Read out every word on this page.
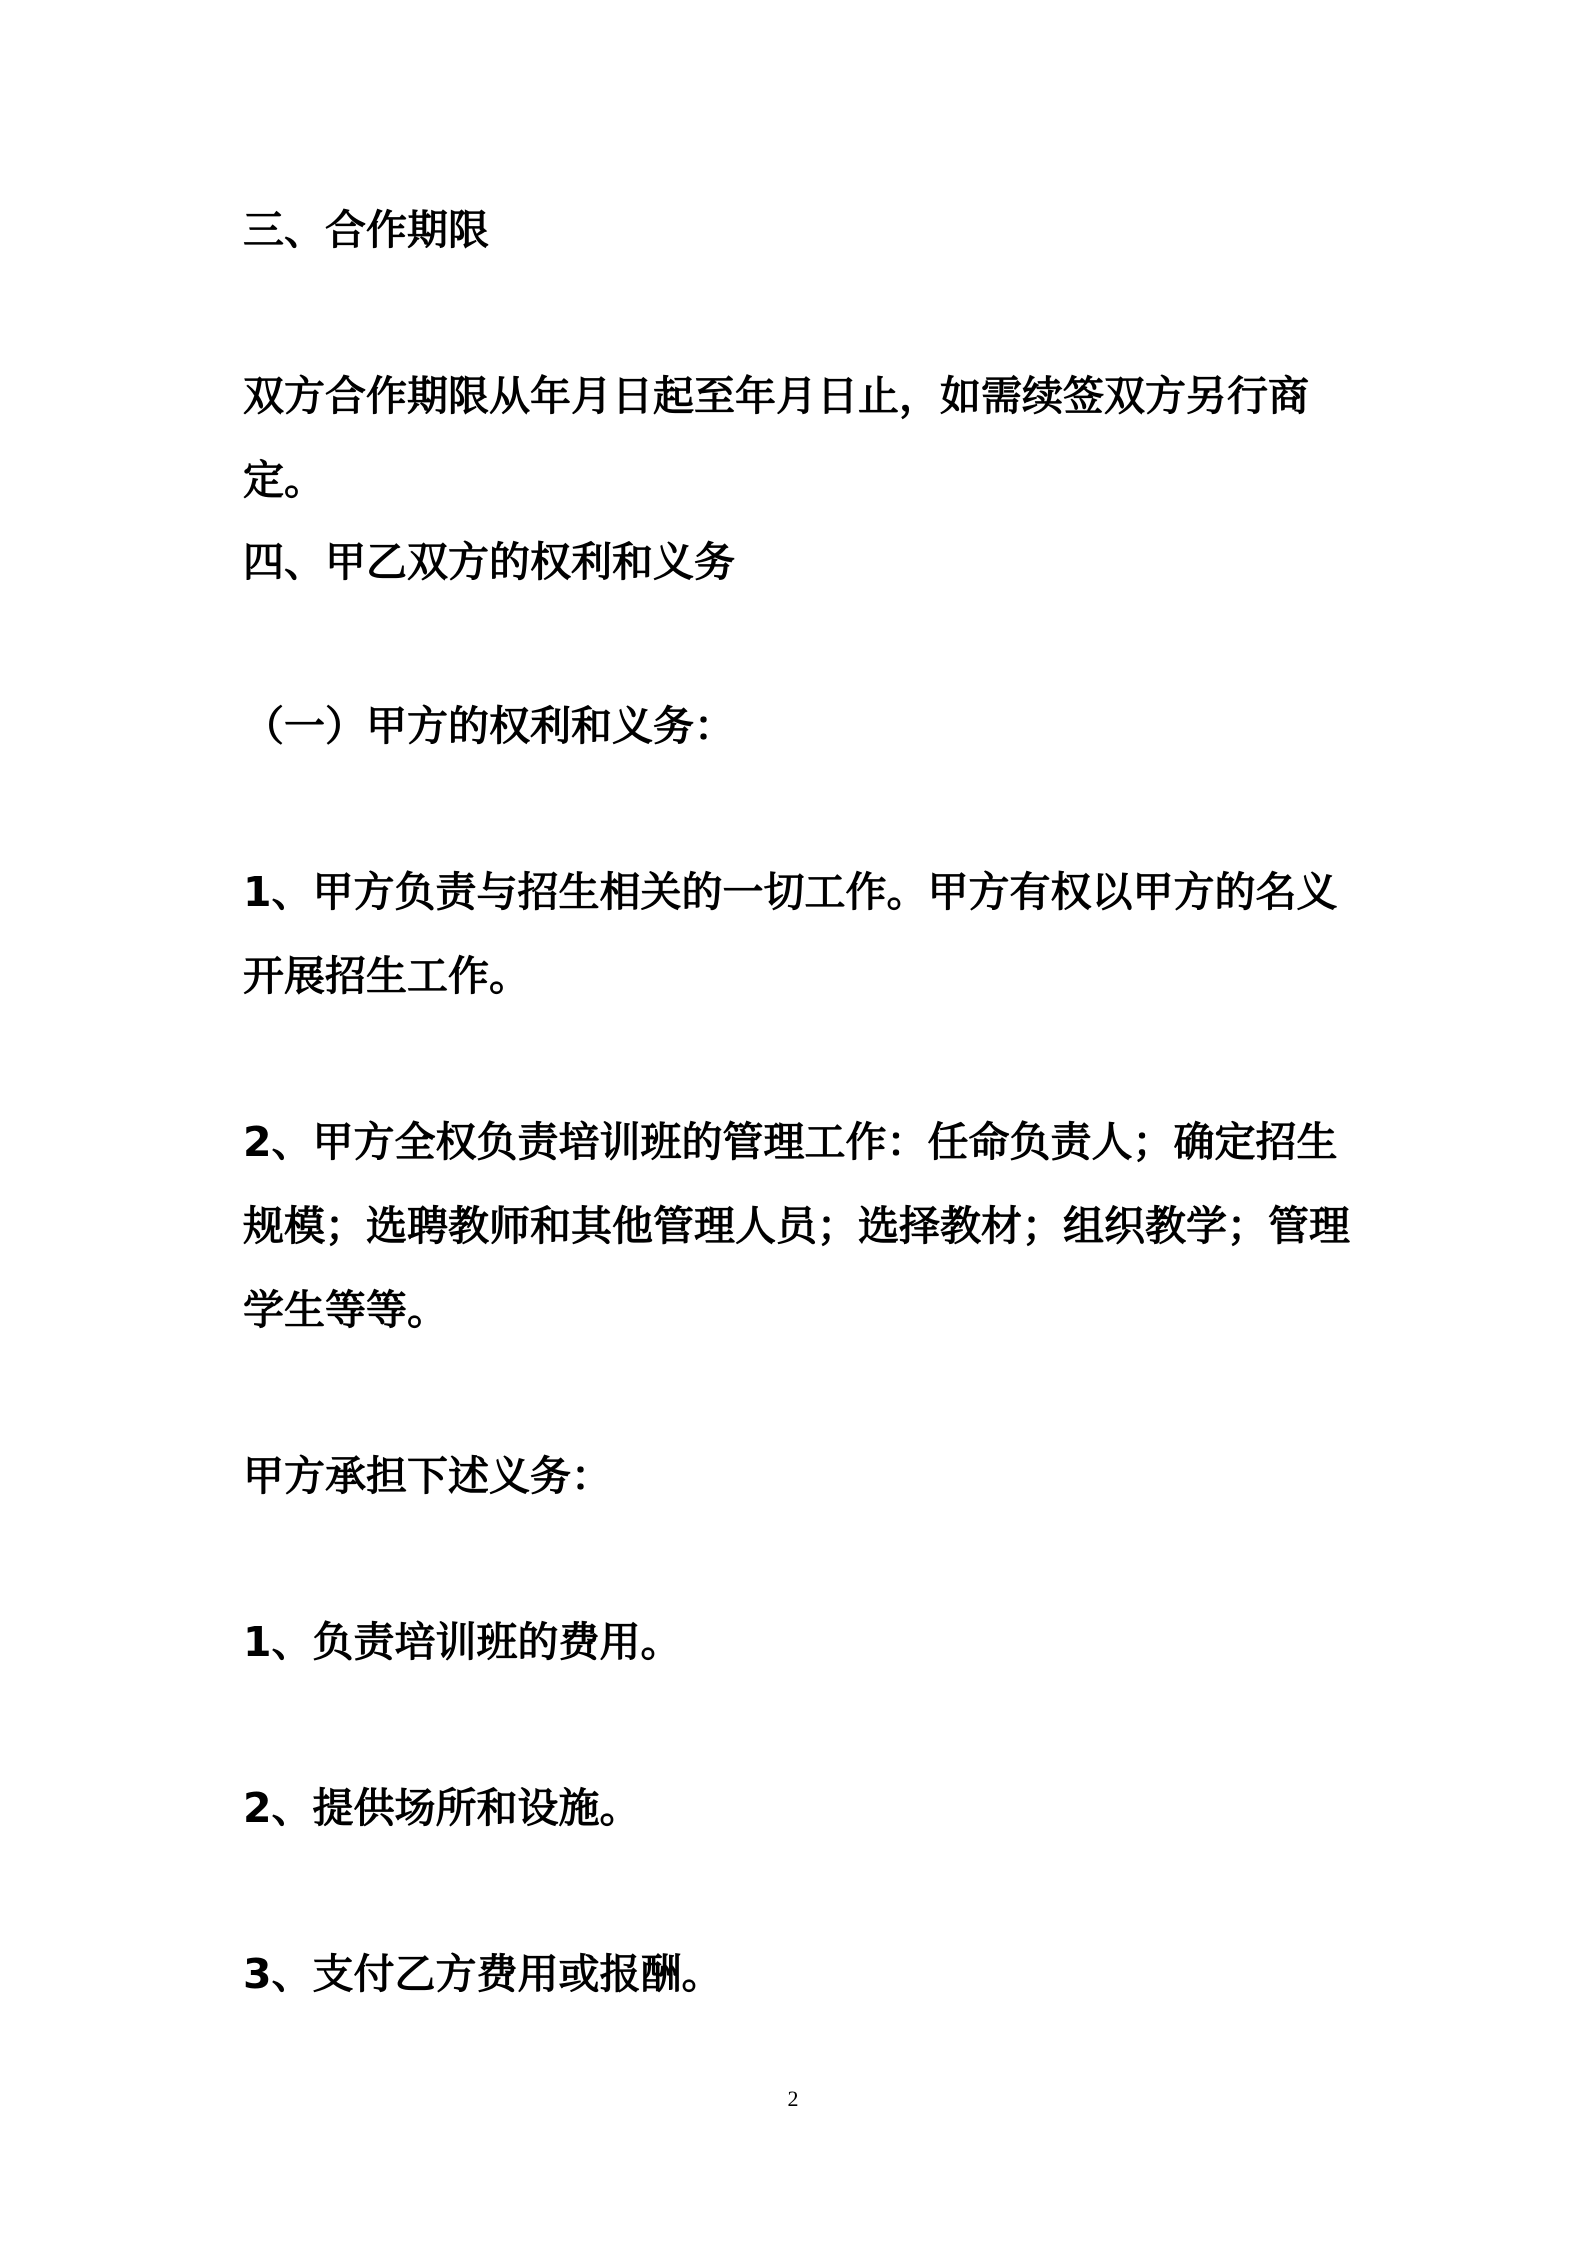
三、合作期限

双方合作期限从年月日起至年月日止，如需续签双方另行商定。

四、甲乙双方的权利和义务

（一）甲方的权利和义务：

1、甲方负责与招生相关的一切工作。甲方有权以甲方的名义开展招生工作。

2、甲方全权负责培训班的管理工作：任命负责人；确定招生规模；选聘教师和其他管理人员；选择教材；组织教学；管理学生等等。

甲方承担下述义务：

1、负责培训班的费用。

2、提供场所和设施。

3、支付乙方费用或报酬。

2
